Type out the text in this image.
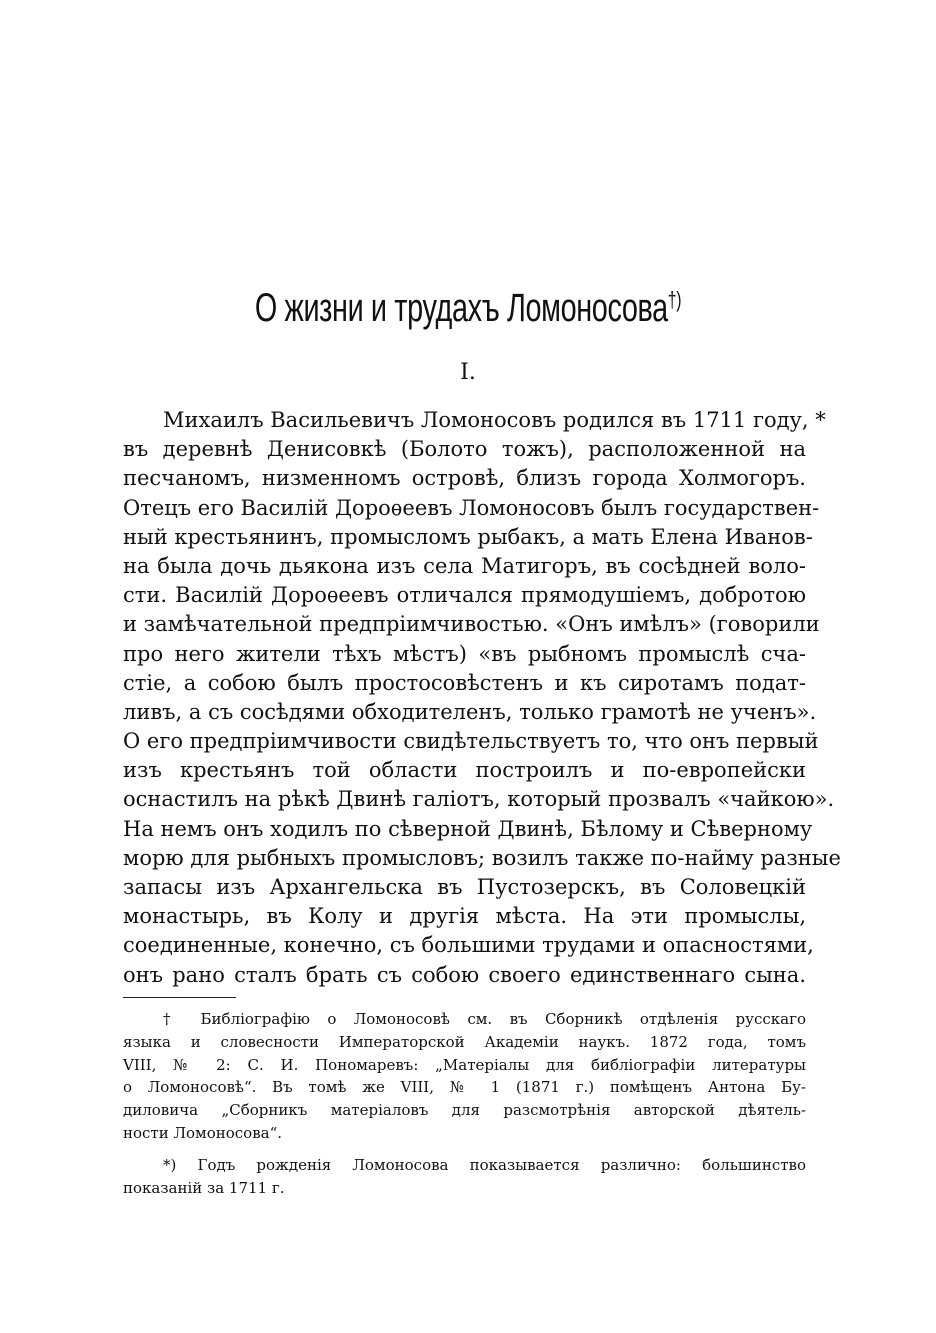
О жизни и трудахъ Ломоносова†)
I.
Михаилъ Васильевичъ Ломоносовъ родился въ 1711 году, *
въ деревнѣ Денисовкѣ (Болото тожъ), расположенной на
песчаномъ, низменномъ островѣ, близъ города Холмогоръ.
Отецъ его Василій Дороѳеевъ Ломоносовъ былъ государствен-
ный крестьянинъ, промысломъ рыбакъ, а мать Елена Иванов-
на была дочь дьякона изъ села Матигоръ, въ сосѣдней воло-
сти. Василій Дороѳеевъ отличался прямодушіемъ, добротою
и замѣчательной предпріимчивостью. «Онъ имѣлъ» (говорили
про него жители тѣхъ мѣстъ) «въ рыбномъ промыслѣ сча-
стіе, а собою былъ простосовѣстенъ и къ сиротамъ подат-
ливъ, а съ сосѣдями обходителенъ, только грамотѣ не ученъ».
О его предпріимчивости свидѣтельствуетъ то, что онъ первый
изъ крестьянъ той области построилъ и по-европейски
оснастилъ на рѣкѣ Двинѣ галіотъ, который прозвалъ «чайкою».
На немъ онъ ходилъ по сѣверной Двинѣ, Бѣлому и Сѣверному
морю для рыбныхъ промысловъ; возилъ также по-найму разные
запасы изъ Архангельска въ Пустозерскъ, въ Соловецкій
монастырь, въ Колу и другія мѣста. На эти промыслы,
соединенные, конечно, съ большими трудами и опасностями,
онъ рано сталъ брать съ собою своего единственнаго сына.
† Библіографію о Ломоносовѣ см. въ Сборникѣ отдѣленія русскаго
языка и словесности Императорской Академіи наукъ. 1872 года, томъ
VIII, № 2: С. И. Пономаревъ: „Матеріалы для библіографіи литературы
о Ломоносовѣ“. Въ томѣ же VIII, № 1 (1871 г.) помѣщенъ Антона Бу-
диловича „Сборникъ матеріаловъ для разсмотрѣнія авторской дѣятель-
ности Ломоносова“.
*) Годъ рожденія Ломоносова показывается различно: большинство
показаній за 1711 г.
